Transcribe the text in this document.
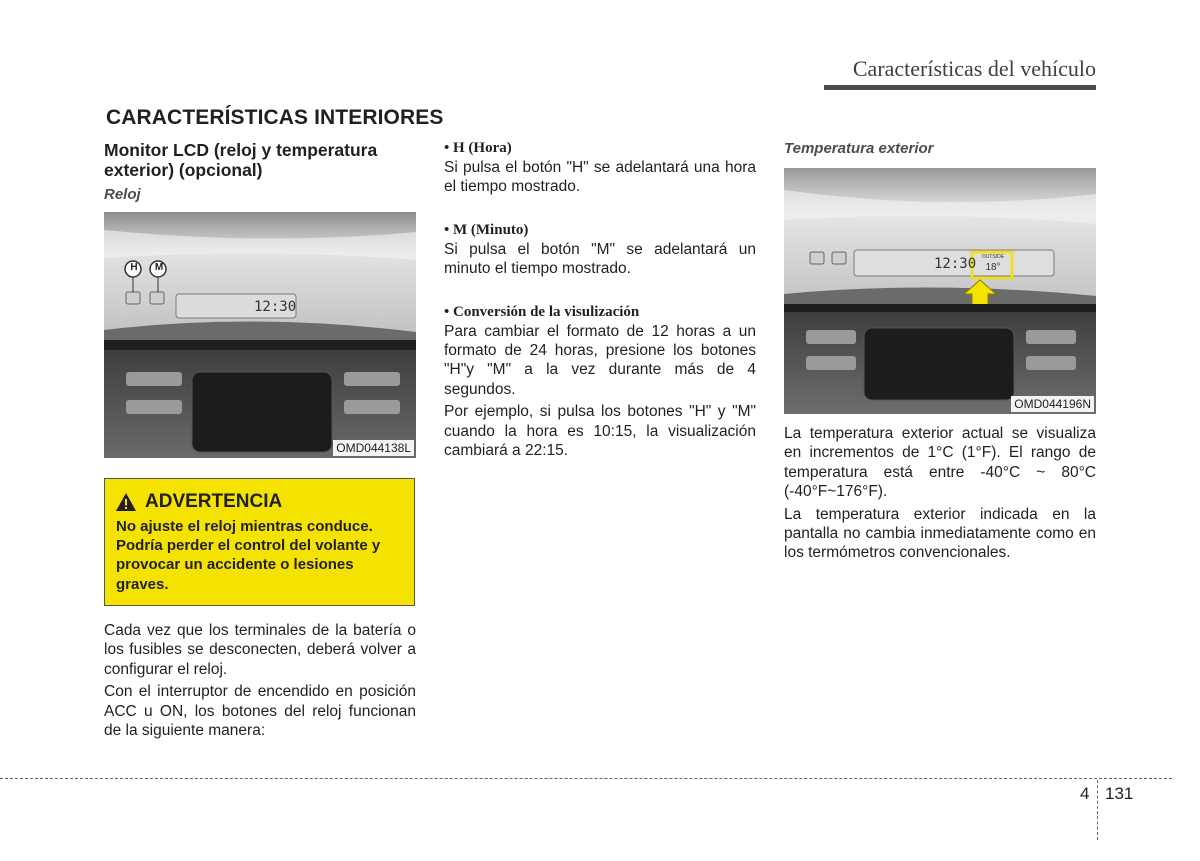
Características del vehículo
CARACTERÍSTICAS INTERIORES
Monitor LCD (reloj y temperatura exterior) (opcional)
Reloj
H M
12:30
OMD044138L
ADVERTENCIA
No ajuste el reloj mientras conduce. Podría perder el control del volante y provocar un accidente o lesiones graves.

Cada vez que los terminales de la batería o los fusibles se desconecten, deberá volver a configurar el reloj.

Con el interruptor de encendido en posición ACC u ON, los botones del reloj funcionan de la siguiente manera:

• H (Hora)

Si pulsa el botón "H" se adelantará una hora el tiempo mostrado.

• M (Minuto)

Si pulsa el botón "M" se adelantará un minuto el tiempo mostrado.

• Conversión de la visulización

Para cambiar el formato de 12 horas a un formato de 24 horas, presione los botones "H"y "M" a la vez durante más de 4 segundos.

Por ejemplo, si pulsa los botones "H" y "M" cuando la hora es 10:15, la visualización cambiará a 22:15.

Temperatura exterior
12:30	OUTSIDE
18°
OMD044196N

La temperatura exterior actual se visualiza en incrementos de 1°C (1°F). El rango de temperatura está entre -40°C ~ 80°C (-40°F~176°F).

La temperatura exterior indicada en la pantalla no cambia inmediatamente como en los termómetros convencionales.

4 131
